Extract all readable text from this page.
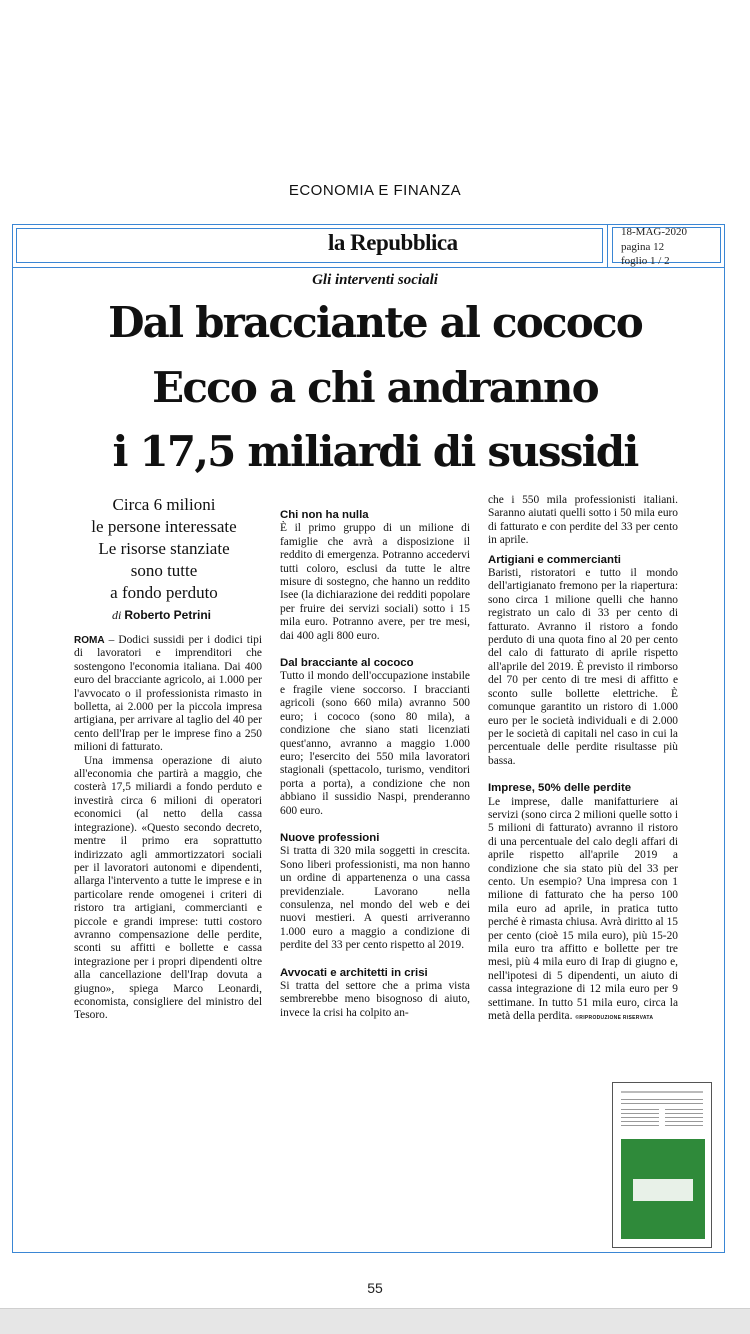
ECONOMIA E FINANZA
la Repubblica	18-MAG-2020
pagina 12
foglio 1 / 2
Gli interventi sociali
Dal bracciante al cococo
Ecco a chi andranno
i 17,5 miliardi di sussidi
Circa 6 milioni
le persone interessate
Le risorse stanziate
sono tutte
a fondo perduto
di Roberto Petrini

ROMA – Dodici sussidi per i dodici tipi di lavoratori e imprenditori che sostengono l'economia italiana. Dai 400 euro del bracciante agricolo, ai 1.000 per l'avvocato o il professionista rimasto in bolletta, ai 2.000 per la piccola impresa artigiana, per arrivare al taglio del 40 per cento dell'Irap per le imprese fino a 250 milioni di fatturato.

Una immensa operazione di aiuto all'economia che partirà a maggio, che costerà 17,5 miliardi a fondo perduto e investirà circa 6 milioni di operatori economici (al netto della cassa integrazione). «Questo secondo decreto, mentre il primo era soprattutto indirizzato agli ammortizzatori sociali per il lavoratori autonomi e dipendenti, allarga l'intervento a tutte le imprese e in particolare rende omogenei i criteri di ristoro tra artigiani, commercianti e piccole e grandi imprese: tutti costoro avranno compensazione delle perdite, sconti su affitti e bollette e cassa integrazione per i propri dipendenti oltre alla cancellazione dell'Irap dovuta a giugno», spiega Marco Leonardi, economista, consigliere del ministro del Tesoro.

Chi non ha nulla

È il primo gruppo di un milione di famiglie che avrà a disposizione il reddito di emergenza. Potranno accedervi tutti coloro, esclusi da tutte le altre misure di sostegno, che hanno un reddito Isee (la dichiarazione dei redditi popolare per fruire dei servizi sociali) sotto i 15 mila euro. Potranno avere, per tre mesi, dai 400 agli 800 euro.

Dal bracciante al cococo

Tutto il mondo dell'occupazione instabile e fragile viene soccorso. I braccianti agricoli (sono 660 mila) avranno 500 euro; i cococo (sono 80 mila), a condizione che siano stati licenziati quest'anno, avranno a maggio 1.000 euro; l'esercito dei 550 mila lavoratori stagionali (spettacolo, turismo, venditori porta a porta), a condizione che non abbiano il sussidio Naspi, prenderanno 600 euro.

Nuove professioni

Si tratta di 320 mila soggetti in crescita. Sono liberi professionisti, ma non hanno un ordine di appartenenza o una cassa previdenziale. Lavorano nella consulenza, nel mondo del web e dei nuovi mestieri. A questi arriveranno 1.000 euro a maggio a condizione di perdite del 33 per cento rispetto al 2019.

Avvocati e architetti in crisi

Si tratta del settore che a prima vista sembrerebbe meno bisognoso di aiuto, invece la crisi ha colpito an-

che i 550 mila professionisti italiani. Saranno aiutati quelli sotto i 50 mila euro di fatturato e con perdite del 33 per cento in aprile.

Artigiani e commercianti

Baristi, ristoratori e tutto il mondo dell'artigianato fremono per la riapertura: sono circa 1 milione quelli che hanno registrato un calo di 33 per cento di fatturato. Avranno il ristoro a fondo perduto di una quota fino al 20 per cento del calo di fatturato di aprile rispetto all'aprile del 2019. È previsto il rimborso del 70 per cento di tre mesi di affitto e sconto sulle bollette elettriche. È comunque garantito un ristoro di 1.000 euro per le società individuali e di 2.000 per le società di capitali nel caso in cui la percentuale delle perdite risultasse più bassa.

Imprese, 50% delle perdite

Le imprese, dalle manifatturiere ai servizi (sono circa 2 milioni quelle sotto i 5 milioni di fatturato) avranno il ristoro di una percentuale del calo degli affari di aprile rispetto all'aprile 2019 a condizione che sia stato più del 33 per cento. Un esempio? Una impresa con 1 milione di fatturato che ha perso 100 mila euro ad aprile, in pratica tutto perché è rimasta chiusa. Avrà diritto al 15 per cento (cioè 15 mila euro), più 15-20 mila euro tra affitto e bollette per tre mesi, più 4 mila euro di Irap di giugno e, nell'ipotesi di 5 dipendenti, un aiuto di cassa integrazione di 12 mila euro per 9 settimane. In tutto 51 mila euro, circa la metà della perdita. ©RIPRODUZIONE RISERVATA

55
